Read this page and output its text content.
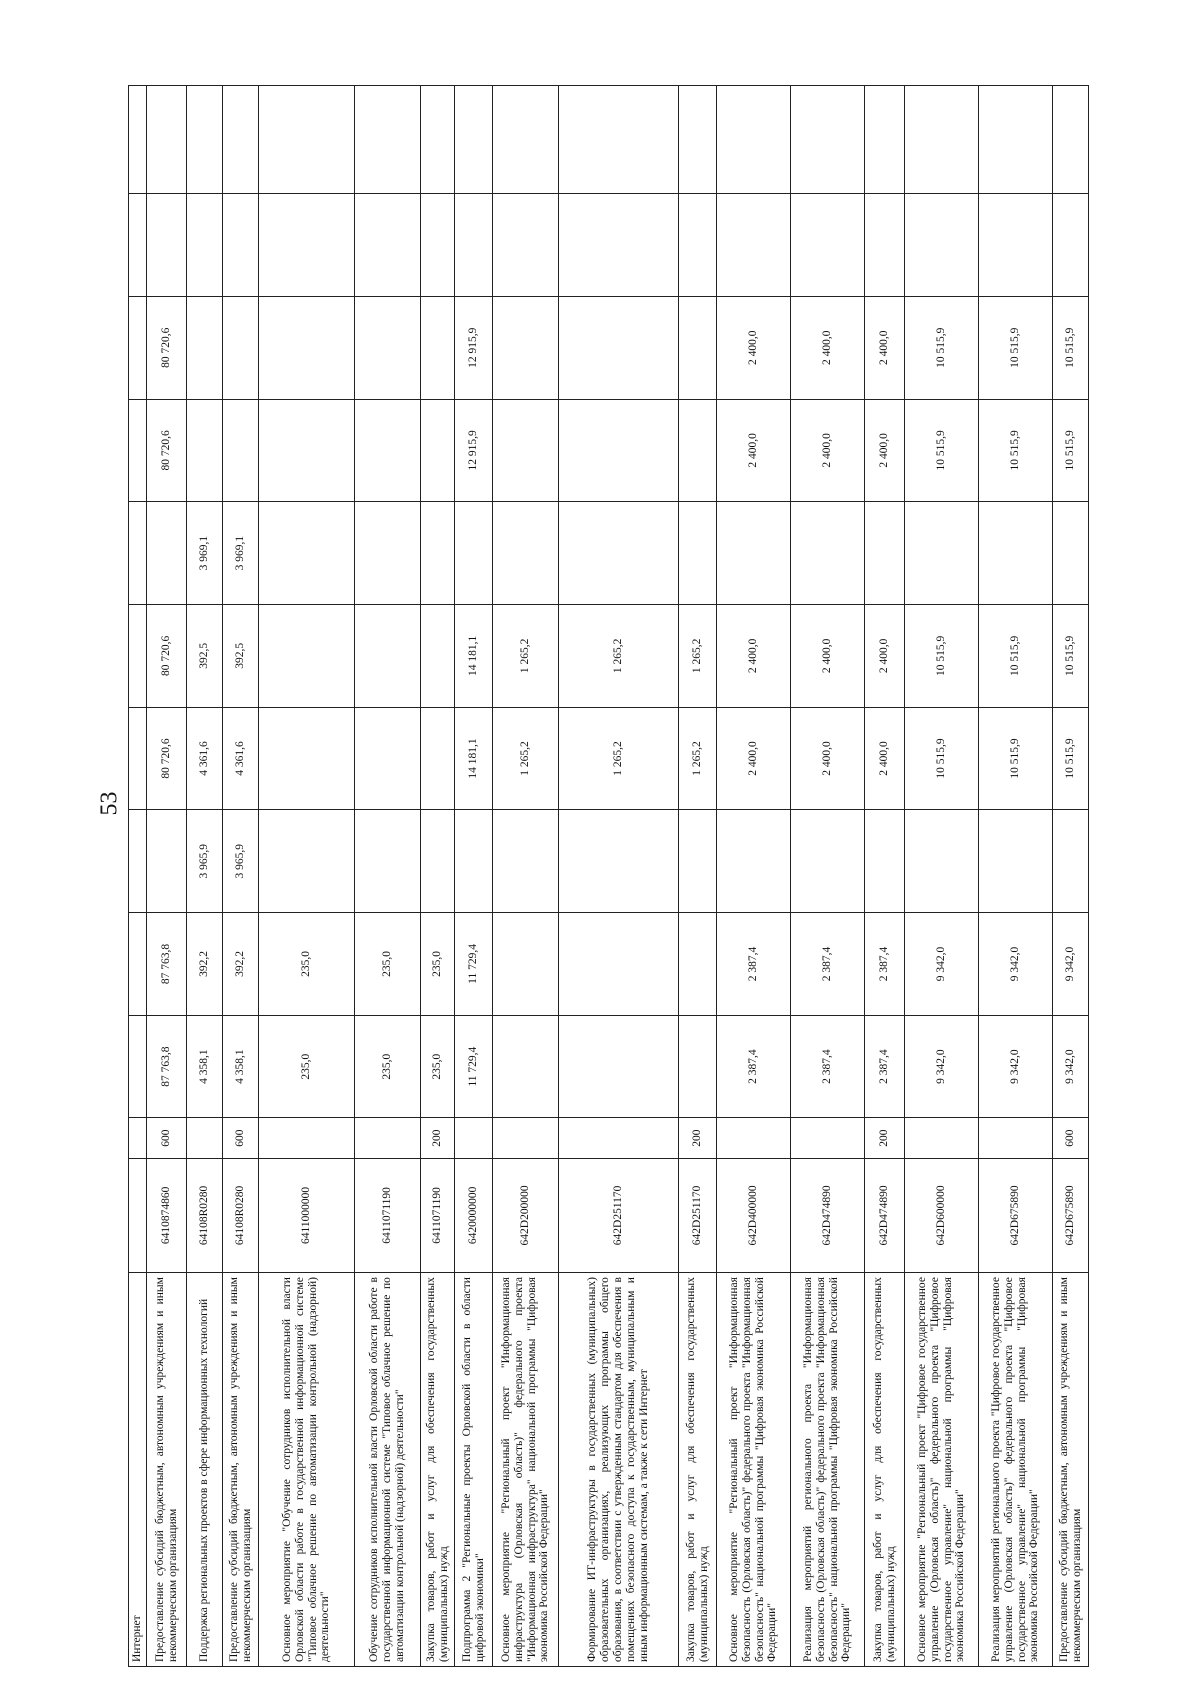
53
Интернет												
Предоставление субсидий бюджетным, автономным учреждениям и иным некоммерческим организациям	6410874860	600	87 763,8	87 763,8		80 720,6	80 720,6		80 720,6	80 720,6		
Поддержка региональных проектов в сфере информационных технологий	64108R0280		4 358,1	392,2	3 965,9	4 361,6	392,5	3 969,1				
Предоставление субсидий бюджетным, автономным учреждениям и иным некоммерческим организациям	64108R0280	600	4 358,1	392,2	3 965,9	4 361,6	392,5	3 969,1				
Основное мероприятие "Обучение сотрудников исполнительной власти Орловской области работе в государственной информационной системе "Типовое облачное решение по автоматизации контрольной (надзорной) деятельности"	6411000000		235,0	235,0								
Обучение сотрудников исполнительной власти Орловской области работе в государственной информационной системе "Типовое облачное решение по автоматизации контрольной (надзорной) деятельности"	6411071190		235,0	235,0								
Закупка товаров, работ и услуг для обеспечения государственных (муниципальных) нужд	6411071190	200	235,0	235,0								
Подпрограмма 2 "Региональные проекты Орловской области в области цифровой экономики"	6420000000		11 729,4	11 729,4		14 181,1	14 181,1		12 915,9	12 915,9		
Основное мероприятие "Региональный проект "Информационная инфраструктура (Орловская область)" федерального проекта "Информационная инфраструктура" национальной программы "Цифровая экономика Российской Федерации"	642D200000					1 265,2	1 265,2					
Формирование ИТ-инфраструктуры в государственных (муниципальных) образовательных организациях, реализующих программы общего образования, в соответствии с утвержденным стандартом для обеспечения в помещениях безопасного доступа к государственным, муниципальным и иным информационным системам, а также к сети Интернет	642D251170					1 265,2	1 265,2					
Закупка товаров, работ и услуг для обеспечения государственных (муниципальных) нужд	642D251170	200				1 265,2	1 265,2					
Основное мероприятие "Региональный проект "Информационная безопасность (Орловская область)" федерального проекта "Информационная безопасность" национальной программы "Цифровая экономика Российской Федерации"	642D400000		2 387,4	2 387,4		2 400,0	2 400,0		2 400,0	2 400,0		
Реализация мероприятий регионального проекта "Информационная безопасность (Орловская область)" федерального проекта "Информационная безопасность" национальной программы "Цифровая экономика Российской Федерации"	642D474890		2 387,4	2 387,4		2 400,0	2 400,0		2 400,0	2 400,0		
Закупка товаров, работ и услуг для обеспечения государственных (муниципальных) нужд	642D474890	200	2 387,4	2 387,4		2 400,0	2 400,0		2 400,0	2 400,0		
Основное мероприятие "Региональный проект "Цифровое государственное управление (Орловская область)" федерального проекта "Цифровое государственное управление" национальной программы "Цифровая экономика Российской Федерации"	642D600000		9 342,0	9 342,0		10 515,9	10 515,9		10 515,9	10 515,9		
Реализация мероприятий регионального проекта "Цифровое государственное управление (Орловская область)" федерального проекта "Цифровое государственное управление" национальной программы "Цифровая экономика Российской Федерации"	642D675890		9 342,0	9 342,0		10 515,9	10 515,9		10 515,9	10 515,9		
Предоставление субсидий бюджетным, автономным учреждениям и иным некоммерческим организациям	642D675890	600	9 342,0	9 342,0		10 515,9	10 515,9		10 515,9	10 515,9		
